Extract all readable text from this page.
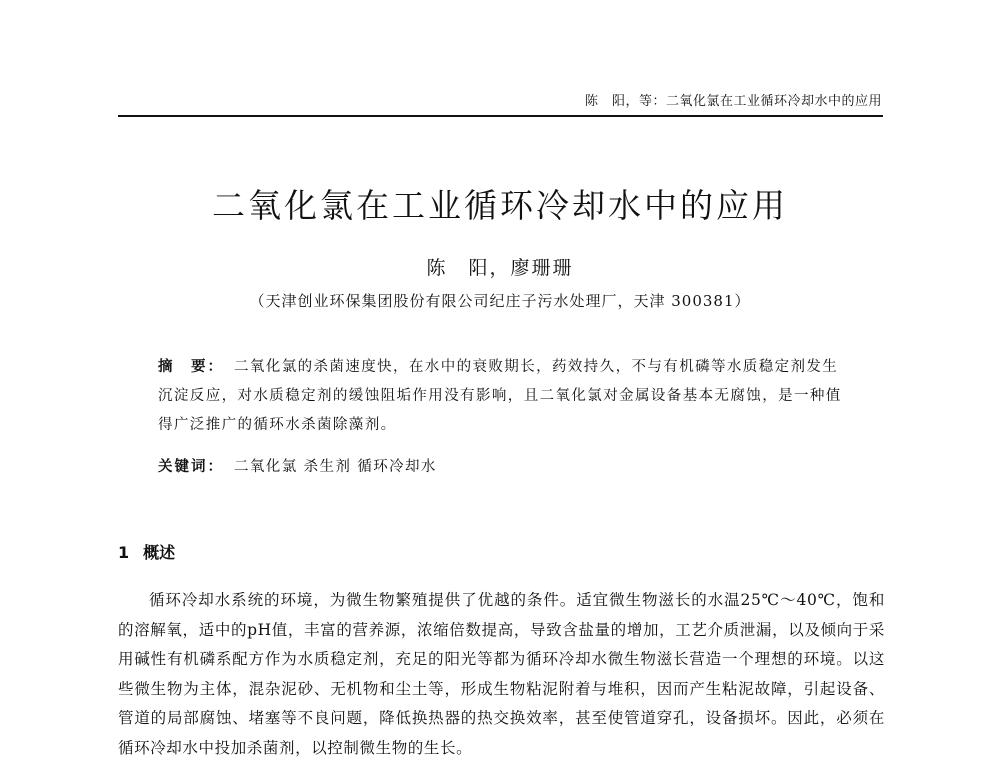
陈　阳，等：二氧化氯在工业循环冷却水中的应用
二氧化氯在工业循环冷却水中的应用
陈　阳，廖珊珊
（天津创业环保集团股份有限公司纪庄子污水处理厂，天津 300381）
摘　要： 二氧化氯的杀菌速度快，在水中的衰败期长，药效持久，不与有机磷等水质稳定剂发生沉淀反应，对水质稳定剂的缓蚀阻垢作用没有影响，且二氧化氯对金属设备基本无腐蚀，是一种值得广泛推广的循环水杀菌除藻剂。
关键词： 二氧化氯 杀生剂 循环冷却水
1 概述
循环冷却水系统的环境，为微生物繁殖提供了优越的条件。适宜微生物滋长的水温25℃～40℃，饱和的溶解氧，适中的pH值，丰富的营养源，浓缩倍数提高，导致含盐量的增加，工艺介质泄漏，以及倾向于采用碱性有机磷系配方作为水质稳定剂，充足的阳光等都为循环冷却水微生物滋长营造一个理想的环境。以这些微生物为主体，混杂泥砂、无机物和尘土等，形成生物粘泥附着与堆积，因而产生粘泥故障，引起设备、管道的局部腐蚀、堵塞等不良问题，降低换热器的热交换效率，甚至使管道穿孔，设备损坏。因此，必须在循环冷却水中投加杀菌剂，以控制微生物的生长。
